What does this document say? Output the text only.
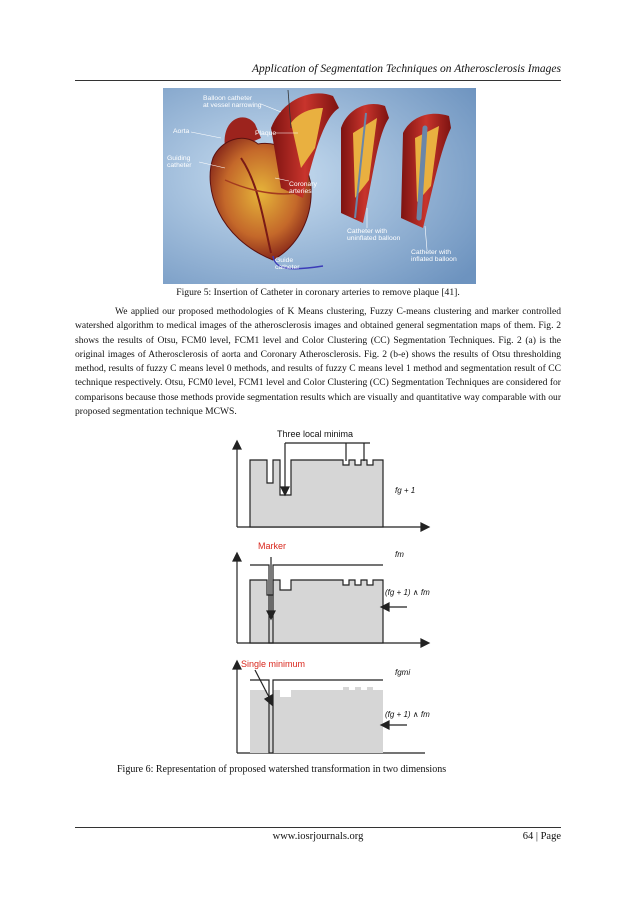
Application of Segmentation Techniques on Atherosclerosis Images
Balloon catheter at vessel narrowing
Aorta	Plaque
Guiding catheter
Coronary arteries
Catheter with uninflated balloon
Guide catheter
Catheter with inflated balloon
Figure 5: Insertion of Catheter in coronary arteries to remove plaque [41].
We applied our proposed methodologies of K Means clustering, Fuzzy C-means clustering and marker controlled watershed algorithm to medical images of the atherosclerosis images and obtained general segmentation maps of them. Fig. 2 shows the results of Otsu, FCM0 level, FCM1 level and Color Clustering (CC) Segmentation Techniques. Fig. 2 (a) is the original images of Atherosclerosis of aorta and Coronary Atherosclerosis. Fig. 2 (b-e) shows the results of Otsu thresholding method, results of fuzzy C means level 0 methods, and results of fuzzy C means level 1 method and segmentation result of CC technique respectively. Otsu, FCM0 level, FCM1 level and Color Clustering (CC) Segmentation Techniques are considered for comparisons because those methods provide segmentation results which are visually and quantitative way comparable with our proposed segmentation technique MCWS.
Three local minima
fg + 1
Marker
fm
(fg + 1) ∧ fm
Single minimum
fgmi
(fg + 1) ∧ fm
Figure 6: Representation of proposed watershed transformation in two dimensions
www.iosrjournals.org	64 | Page
